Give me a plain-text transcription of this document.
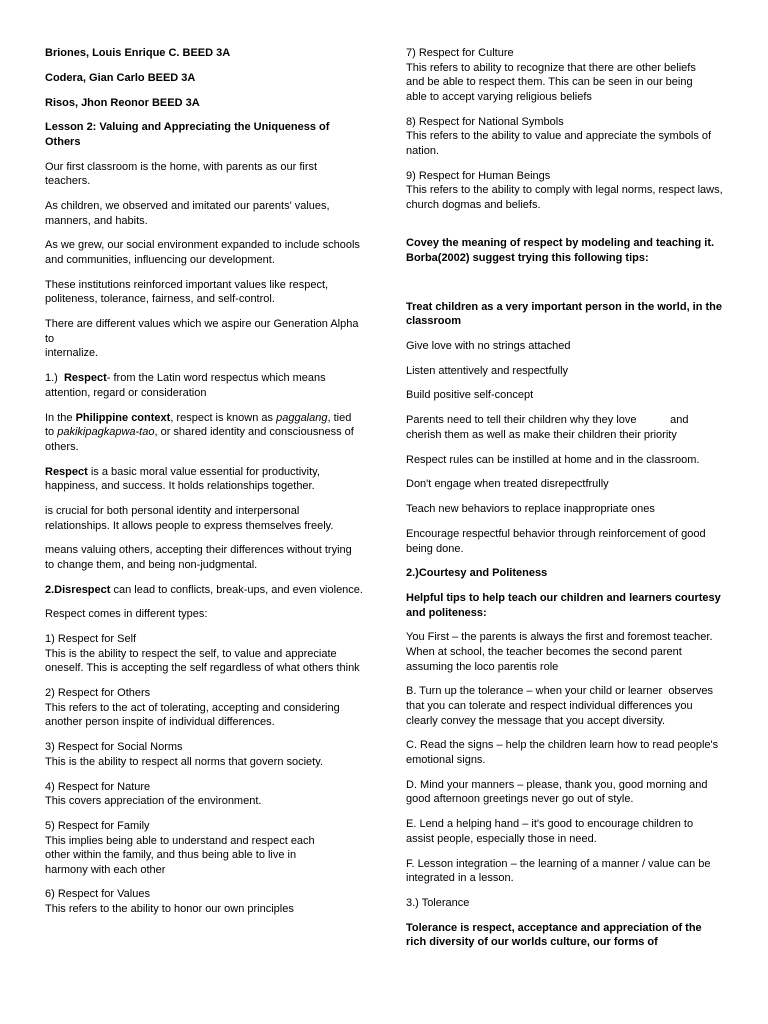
Briones, Louis Enrique C. BEED 3A

Codera, Gian Carlo BEED 3A

Risos, Jhon Reonor BEED 3A

Lesson 2: Valuing and Appreciating the Uniqueness of Others

Our first classroom is the home, with parents as our first teachers.

As children, we observed and imitated our parents' values, manners, and habits.

As we grew, our social environment expanded to include schools and communities, influencing our development.

These institutions reinforced important values like respect, politeness, tolerance, fairness, and self-control.

There are different values which we aspire our Generation Alpha to
internalize.

1.) Respect- from the Latin word respectus which means attention, regard or consideration

In the Philippine context, respect is known as paggalang, tied to pakikipagkapwa-tao, or shared identity and consciousness of others.

Respect is a basic moral value essential for productivity, happiness, and success. It holds relationships together.

is crucial for both personal identity and interpersonal relationships. It allows people to express themselves freely.

means valuing others, accepting their differences without trying to change them, and being non-judgmental.

2.Disrespect can lead to conflicts, break-ups, and even violence.

Respect comes in different types:

1) Respect for Self
This is the ability to respect the self, to value and appreciate oneself. This is accepting the self regardless of what others think

2) Respect for Others
This refers to the act of tolerating, accepting and considering another person inspite of individual differences.

3) Respect for Social Norms
This is the ability to respect all norms that govern society.

4) Respect for Nature
This covers appreciation of the environment.

5) Respect for Family
This implies being able to understand and respect each other within the family, and thus being able to live in harmony with each other

6) Respect for Values
This refers to the ability to honor our own principles

7) Respect for Culture
This refers to ability to recognize that there are other beliefs and be able to respect them. This can be seen in our being able to accept varying religious beliefs

8) Respect for National Symbols
This refers to the ability to value and appreciate the symbols of nation.

9) Respect for Human Beings
This refers to the ability to comply with legal norms, respect laws, church dogmas and beliefs.

Covey the meaning of respect by modeling and teaching it. Borba(2002) suggest trying this following tips:

Treat children as a very important person in the world, in the classroom

Give love with no strings attached

Listen attentively and respectfully

Build positive self-concept

Parents need to tell their children why they love           and cherish them as well as make their children their priority

Respect rules can be instilled at home and in the classroom.

Don't engage when treated disrepectfrully

Teach new behaviors to replace inappropriate ones

Encourage respectful behavior through reinforcement of good being done.

2.)Courtesy and Politeness

Helpful tips to help teach our children and learners courtesy and politeness:

You First – the parents is always the first and foremost teacher. When at school, the teacher becomes the second parent assuming the loco parentis role

B. Turn up the tolerance – when your child or learner  observes that you can tolerate and respect individual differences you clearly convey the message that you accept diversity.

C. Read the signs – help the children learn how to read people's emotional signs.

D. Mind your manners – please, thank you, good morning and good afternoon greetings never go out of style.

E. Lend a helping hand – it's good to encourage children to assist people, especially those in need.

F. Lesson integration – the learning of a manner / value can be integrated in a lesson.

3.) Tolerance

Tolerance is respect, acceptance and appreciation of the rich diversity of our worlds culture, our forms of
